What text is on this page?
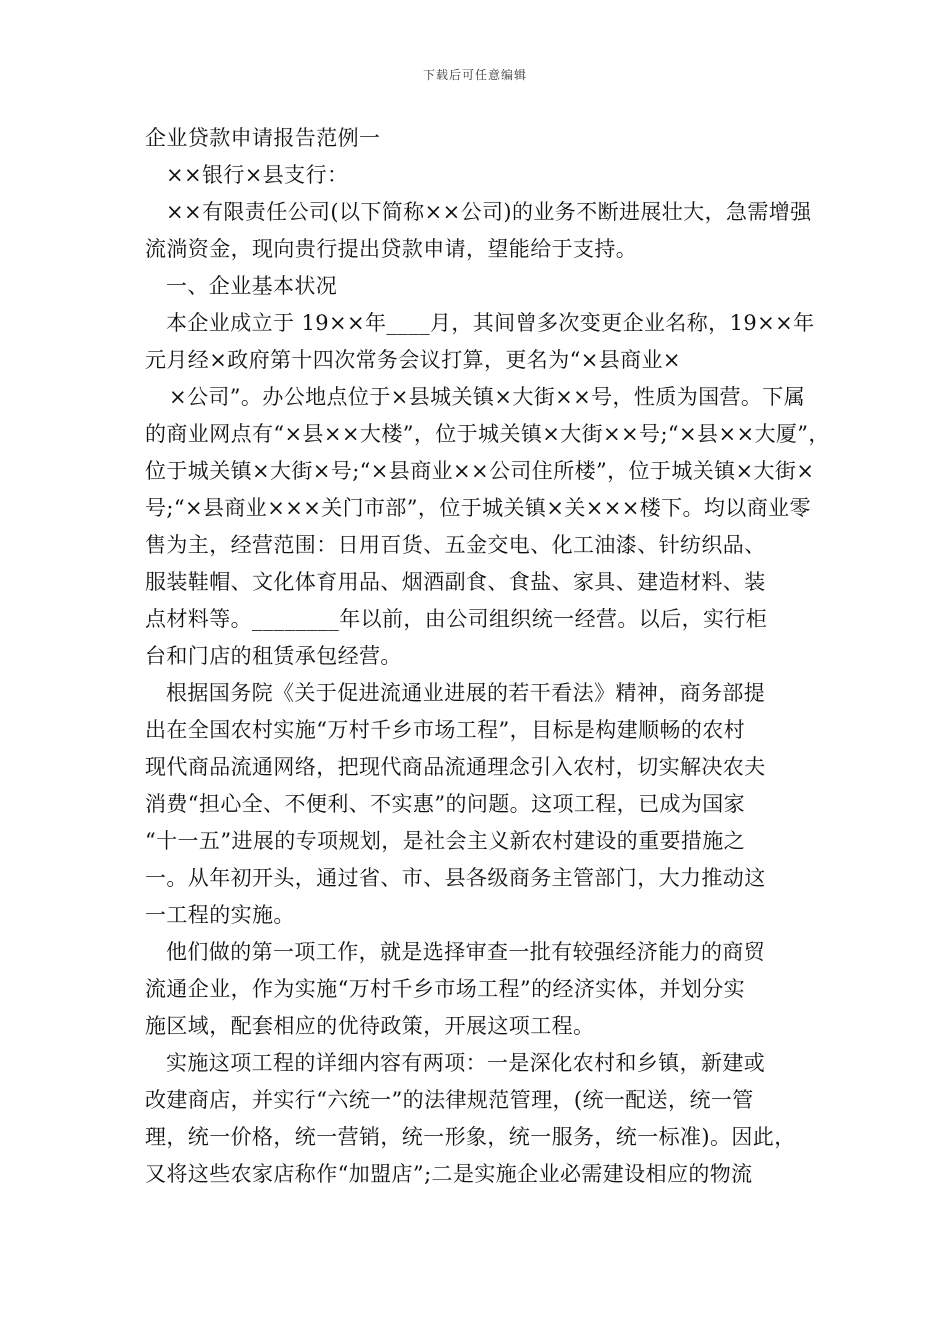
下载后可任意编辑
企业贷款申请报告范例一
××银行×县支行：
××有限责任公司(以下简称××公司)的业务不断进展壮大，急需增强
流淌资金，现向贵行提出贷款申请，望能给于支持。
一、企业基本状况
本企业成立于 19××年____月，其间曾多次变更企业名称，19××年
元月经×政府第十四次常务会议打算，更名为“×县商业×
×公司”。办公地点位于×县城关镇×大街××号，性质为国营。下属
的商业网点有“×县××大楼”，位于城关镇×大街××号;“×县××大厦”，
位于城关镇×大街×号;“×县商业××公司住所楼”，位于城关镇×大街×
号;“×县商业×××关门市部”，位于城关镇×关×××楼下。均以商业零
售为主，经营范围：日用百货、五金交电、化工油漆、针纺织品、
服装鞋帽、文化体育用品、烟酒副食、食盐、家具、建造材料、装
点材料等。________年以前，由公司组织统一经营。以后，实行柜
台和门店的租赁承包经营。
根据国务院《关于促进流通业进展的若干看法》精神，商务部提
出在全国农村实施“万村千乡市场工程”，目标是构建顺畅的农村
现代商品流通网络，把现代商品流通理念引入农村，切实解决农夫
消费“担心全、不便利、不实惠”的问题。这项工程，已成为国家
“十一五”进展的专项规划，是社会主义新农村建设的重要措施之
一。从年初开头，通过省、市、县各级商务主管部门，大力推动这
一工程的实施。
他们做的第一项工作，就是选择审查一批有较强经济能力的商贸
流通企业，作为实施“万村千乡市场工程”的经济实体，并划分实
施区域，配套相应的优待政策，开展这项工程。
实施这项工程的详细内容有两项：一是深化农村和乡镇，新建或
改建商店，并实行“六统一”的法律规范管理，(统一配送，统一管
理，统一价格，统一营销，统一形象，统一服务，统一标准)。因此，
又将这些农家店称作“加盟店”;二是实施企业必需建设相应的物流
